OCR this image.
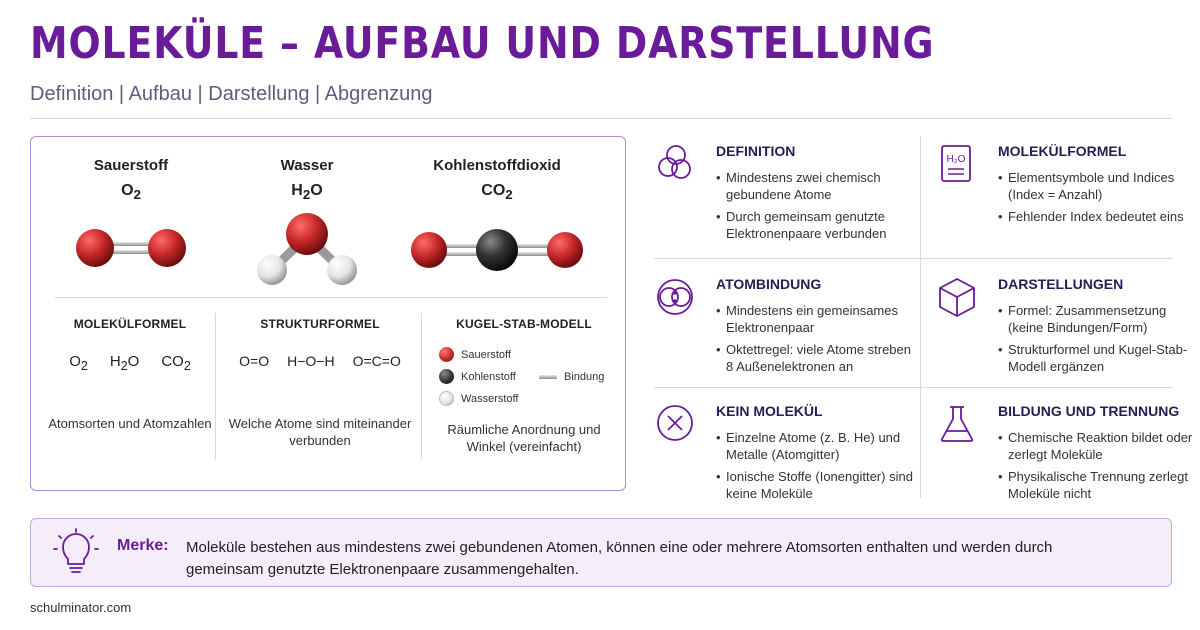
MOLEKÜLE – AUFBAU UND DARSTELLUNG
Definition | Aufbau | Darstellung | Abgrenzung
Sauerstoff
$O_2$
Wasser
$H_2O$
Kohlenstoffdioxid
$CO_2$
MOLEKÜLFORMEL
$O_2$ $H_2O$ $CO_2$
Atomsorten und Atomzahlen
STRUKTURFORMEL
O=O H−O−H O=C=O
Welche Atome sind miteinander verbunden
KUGEL-STAB-MODELL
Sauerstoff
Kohlenstoff
Wasserstoff
Bindung
Räumliche Anordnung und Winkel (vereinfacht)
DEFINITION
• Mindestens zwei chemisch gebundene Atome
• Durch gemeinsam genutzte Elektronenpaare verbunden
H₂O
MOLEKÜLFORMEL
• Elementsymbole und Indices (Index = Anzahl)
• Fehlender Index bedeutet eins
ATOMBINDUNG
• Mindestens ein gemeinsames Elektronenpaar
• Oktettregel: viele Atome streben 8 Außenelektronen an
DARSTELLUNGEN
• Formel: Zusammensetzung (keine Bindungen/Form)
• Strukturformel und Kugel-Stab-Modell ergänzen
KEIN MOLEKÜL
• Einzelne Atome (z. B. He) und Metalle (Atomgitter)
• Ionische Stoffe (Ionengitter) sind keine Moleküle
BILDUNG UND TRENNUNG
• Chemische Reaktion bildet oder zerlegt Moleküle
• Physikalische Trennung zerlegt Moleküle nicht
Merke: Moleküle bestehen aus mindestens zwei gebundenen Atomen, können eine oder mehrere Atomsorten enthalten und werden durch gemeinsam genutzte Elektronenpaare zusammengehalten.
schulminator.com
